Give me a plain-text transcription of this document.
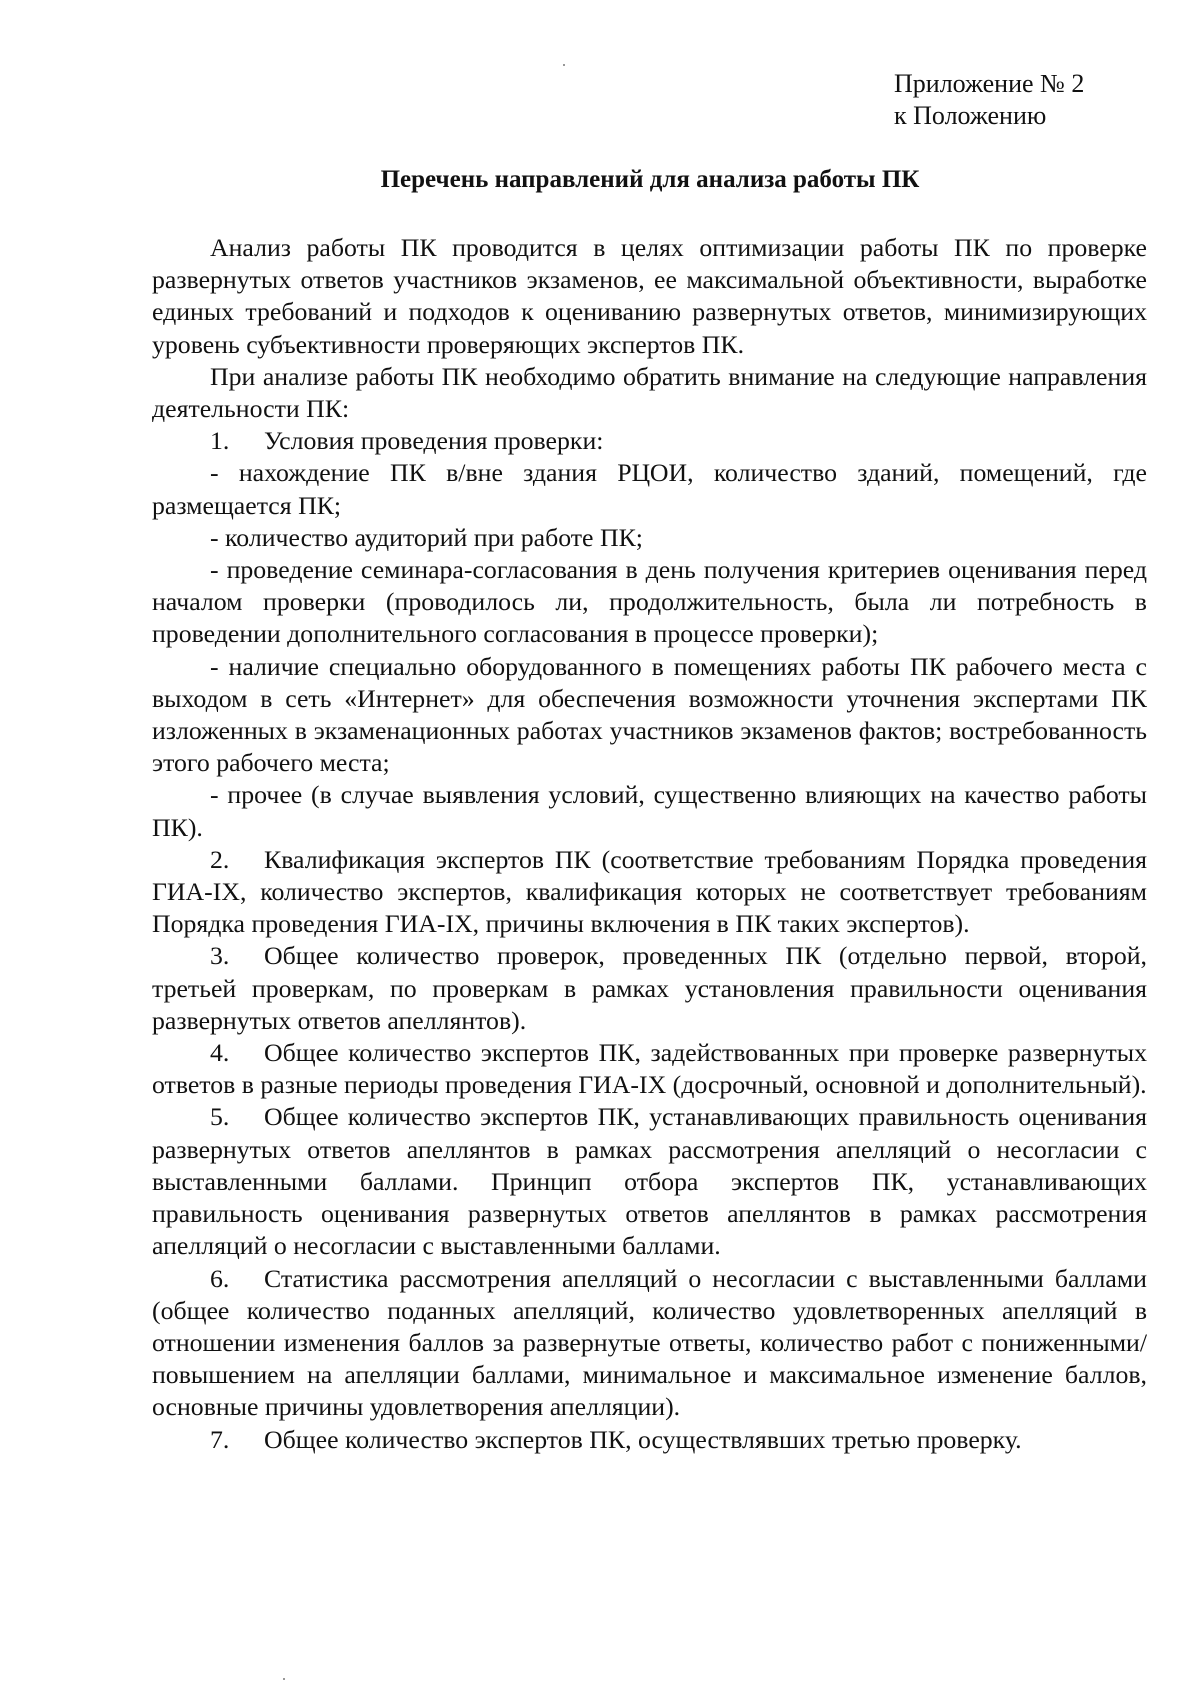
Приложение № 2
к Положению
Перечень направлений для анализа работы ПК

Анализ работы ПК проводится в целях оптимизации работы ПК по проверке развернутых ответов участников экзаменов, ее максимальной объективности, выработке единых требований и подходов к оцениванию развернутых ответов, минимизирующих уровень субъективности проверяющих экспертов ПК.

При анализе работы ПК необходимо обратить внимание на следующие направления деятельности ПК:

1. Условия проведения проверки:

- нахождение ПК в/вне здания РЦОИ, количество зданий, помещений, где размещается ПК;

- количество аудиторий при работе ПК;

- проведение семинара-согласования в день получения критериев оценивания перед началом проверки (проводилось ли, продолжительность, была ли потребность в проведении дополнительного согласования в процессе проверки);

- наличие специально оборудованного в помещениях работы ПК рабочего места с выходом в сеть «Интернет» для обеспечения возможности уточнения экспертами ПК изложенных в экзаменационных работах участников экзаменов фактов; востребованность этого рабочего места;

- прочее (в случае выявления условий, существенно влияющих на качество работы ПК).

2. Квалификация экспертов ПК (соответствие требованиям Порядка проведения ГИА-IX, количество экспертов, квалификация которых не соответствует требованиям Порядка проведения ГИА-IX, причины включения в ПК таких экспертов).

3. Общее количество проверок, проведенных ПК (отдельно первой, второй, третьей проверкам, по проверкам в рамках установления правильности оценивания развернутых ответов апеллянтов).

4. Общее количество экспертов ПК, задействованных при проверке развернутых ответов в разные периоды проведения ГИА-IX (досрочный, основной и дополнительный).

5. Общее количество экспертов ПК, устанавливающих правильность оценивания развернутых ответов апеллянтов в рамках рассмотрения апелляций о несогласии с выставленными баллами. Принцип отбора экспертов ПК, устанавливающих правильность оценивания развернутых ответов апеллянтов в рамках рассмотрения апелляций о несогласии с выставленными баллами.

6. Статистика рассмотрения апелляций о несогласии с выставленными баллами (общее количество поданных апелляций, количество удовлетворенных апелляций в отношении изменения баллов за развернутые ответы, количество работ с пониженными/повышением на апелляции баллами, минимальное и максимальное изменение баллов, основные причины удовлетворения апелляции).

7. Общее количество экспертов ПК, осуществлявших третью проверку.
